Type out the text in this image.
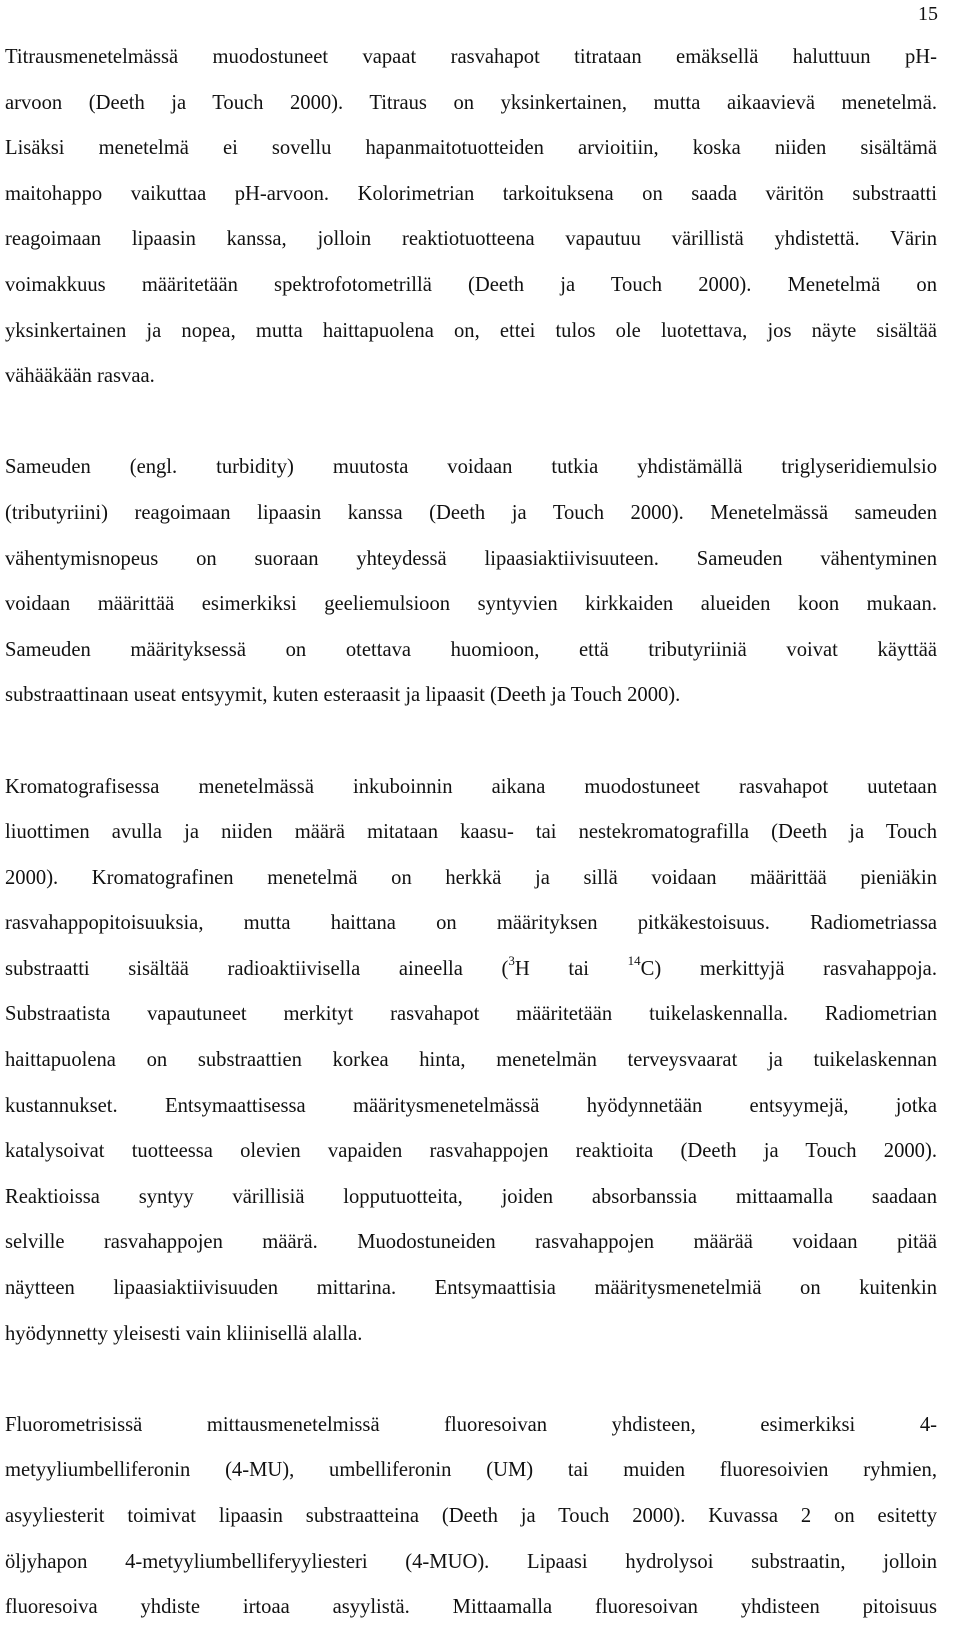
15

Titrausmenetelmässä muodostuneet vapaat rasvahapot titrataan emäksellä haluttuun pH-
arvoon (Deeth ja Touch 2000). Titraus on yksinkertainen, mutta aikaavievä menetelmä.
Lisäksi menetelmä ei sovellu hapanmaitotuotteiden arvioitiin, koska niiden sisältämä
maitohappo vaikuttaa pH-arvoon. Kolorimetrian tarkoituksena on saada väritön substraatti
reagoimaan lipaasin kanssa, jolloin reaktiotuotteena vapautuu värillistä yhdistettä. Värin
voimakkuus määritetään spektrofotometrillä (Deeth ja Touch 2000). Menetelmä on
yksinkertainen ja nopea, mutta haittapuolena on, ettei tulos ole luotettava, jos näyte sisältää
vähääkään rasvaa.

Sameuden (engl. turbidity) muutosta voidaan tutkia yhdistämällä triglyseridiemulsio
(tributyriini) reagoimaan lipaasin kanssa (Deeth ja Touch 2000). Menetelmässä sameuden
vähentymisnopeus on suoraan yhteydessä lipaasiaktiivisuuteen. Sameuden vähentyminen
voidaan määrittää esimerkiksi geeliemulsioon syntyvien kirkkaiden alueiden koon mukaan.
Sameuden määrityksessä on otettava huomioon, että tributyriiniä voivat käyttää
substraattinaan useat entsyymit, kuten esteraasit ja lipaasit (Deeth ja Touch 2000).

Kromatografisessa menetelmässä inkuboinnin aikana muodostuneet rasvahapot uutetaan
liuottimen avulla ja niiden määrä mitataan kaasu- tai nestekromatografilla (Deeth ja Touch
2000). Kromatografinen menetelmä on herkkä ja sillä voidaan määrittää pieniäkin
rasvahappopitoisuuksia, mutta haittana on määrityksen pitkäkestoisuus. Radiometriassa
substraatti sisältää radioaktiivisella aineella ($^3$H tai $^{14}$C) merkittyjä rasvahappoja.
Substraatista vapautuneet merkityt rasvahapot määritetään tuikelaskennalla. Radiometrian
haittapuolena on substraattien korkea hinta, menetelmän terveysvaarat ja tuikelaskennan
kustannukset. Entsymaattisessa määritysmenetelmässä hyödynnetään entsyymejä, jotka
katalysoivat tuotteessa olevien vapaiden rasvahappojen reaktioita (Deeth ja Touch 2000).
Reaktioissa syntyy värillisiä lopputuotteita, joiden absorbanssia mittaamalla saadaan
selville rasvahappojen määrä. Muodostuneiden rasvahappojen määrää voidaan pitää
näytteen lipaasiaktiivisuuden mittarina. Entsymaattisia määritysmenetelmiä on kuitenkin
hyödynnetty yleisesti vain kliinisellä alalla.

Fluorometrisissä mittausmenetelmissä fluoresoivan yhdisteen, esimerkiksi 4-
metyyliumbelliferonin (4-MU), umbelliferonin (UM) tai muiden fluoresoivien ryhmien,
asyyliesterit toimivat lipaasin substraatteina (Deeth ja Touch 2000). Kuvassa 2 on esitetty
öljyhapon 4-metyyliumbelliferyyliesteri (4-MUO). Lipaasi hydrolysoi substraatin, jolloin
fluoresoiva yhdiste irtoaa asyylistä. Mittaamalla fluoresoivan yhdisteen pitoisuus
